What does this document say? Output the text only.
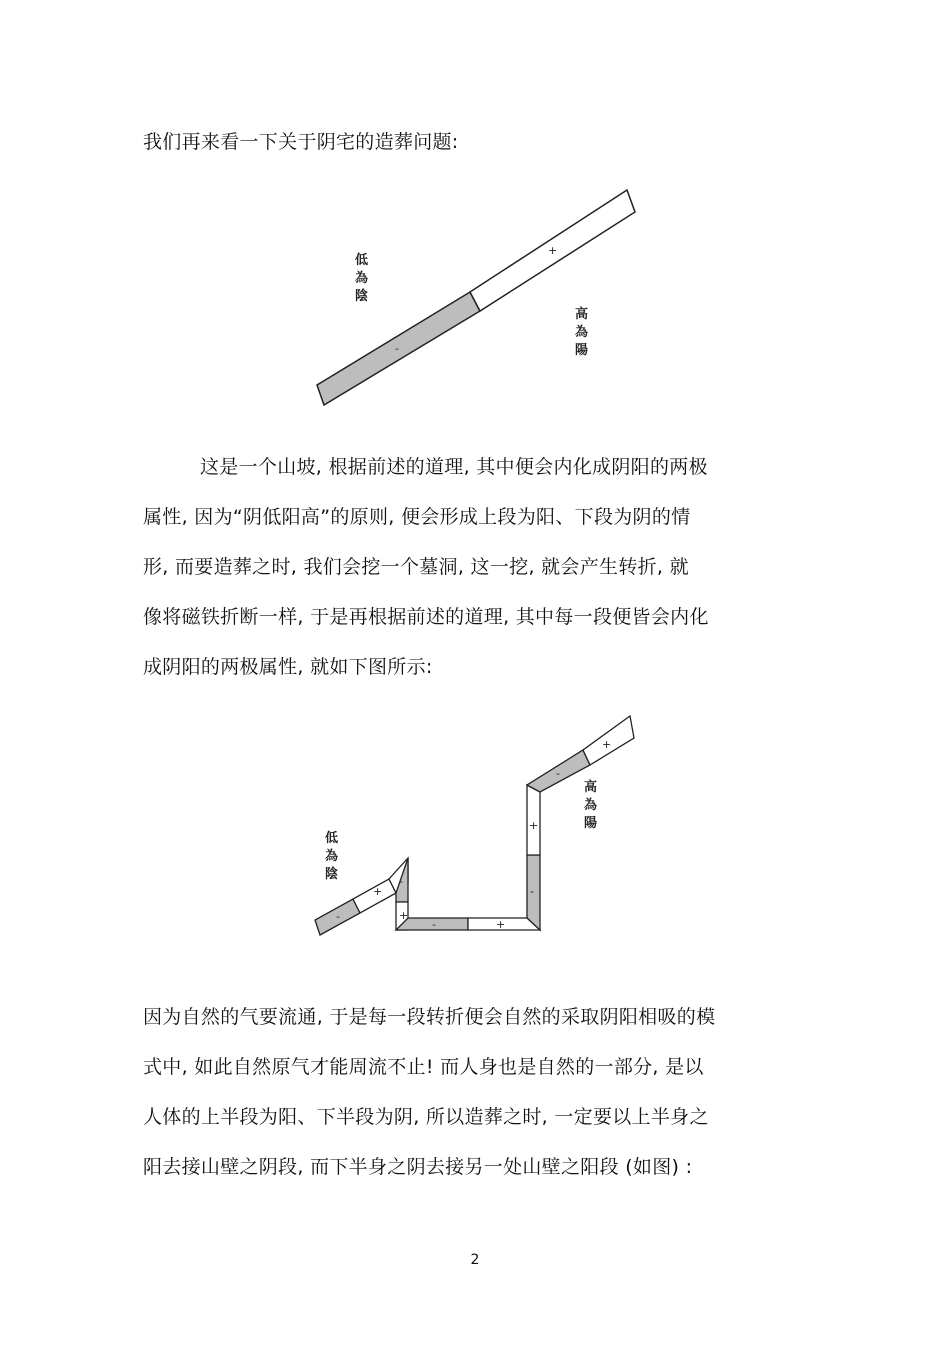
我们再来看一下关于阴宅的造葬问题:
-
+
低
為
陰
高
為
陽
这是一个山坡, 根据前述的道理, 其中便会内化成阴阳的两极
属性, 因为“阴低阳高”的原则, 便会形成上段为阳、下段为阴的情
形, 而要造葬之时, 我们会挖一个墓洞, 这一挖, 就会产生转折, 就
像将磁铁折断一样, 于是再根据前述的道理, 其中每一段便皆会内化
成阴阳的两极属性, 就如下图所示:
-
+
-
+
-	+
-
+
-
+
低
為
陰
高
為
陽
因为自然的气要流通, 于是每一段转折便会自然的采取阴阳相吸的模
式中, 如此自然原气才能周流不止! 而人身也是自然的一部分, 是以
人体的上半段为阳、下半段为阴, 所以造葬之时, 一定要以上半身之
阳去接山壁之阴段, 而下半身之阴去接另一处山壁之阳段 (如图) :
2
